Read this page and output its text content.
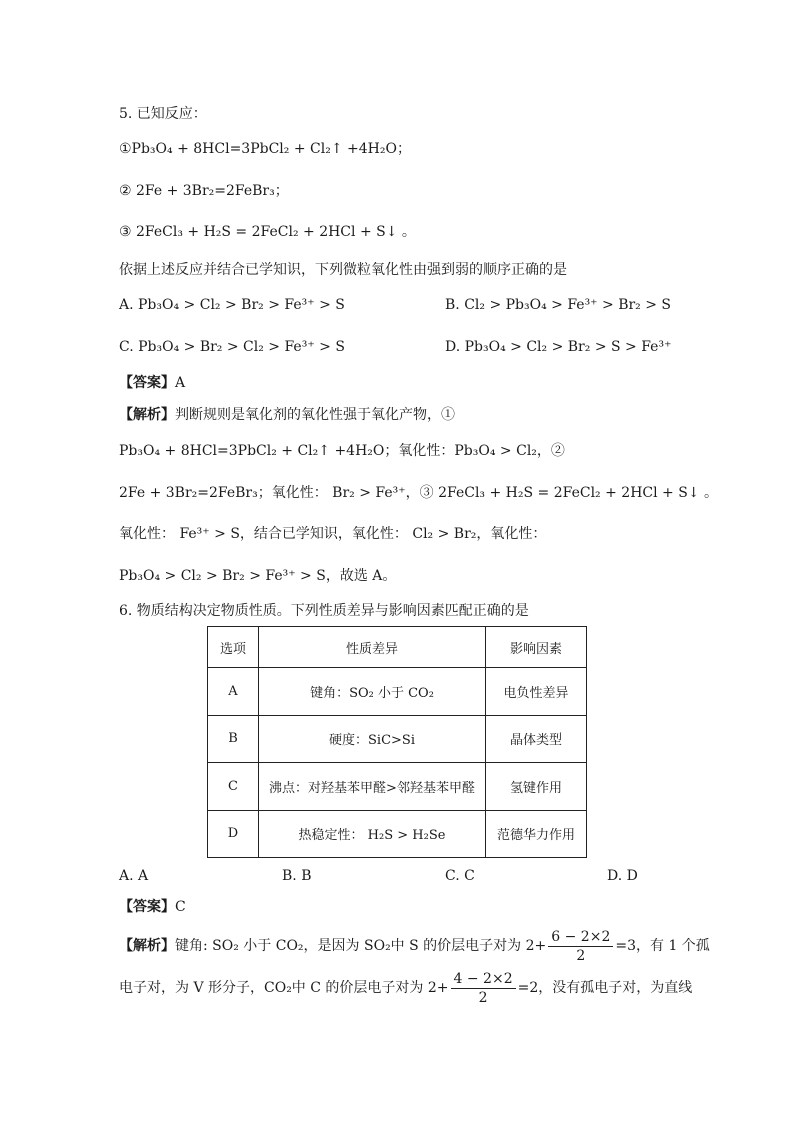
5. 已知反应：
①Pb₃O₄ + 8HCl=3PbCl₂ + Cl₂↑ +4H₂O；
② 2Fe + 3Br₂=2FeBr₃；
③ 2FeCl₃ + H₂S = 2FeCl₂ + 2HCl + S↓ 。
依据上述反应并结合已学知识，下列微粒氧化性由强到弱的顺序正确的是
A. Pb₃O₄ > Cl₂ > Br₂ > Fe³⁺ > S	B. Cl₂ > Pb₃O₄ > Fe³⁺ > Br₂ > S
C. Pb₃O₄ > Br₂ > Cl₂ > Fe³⁺ > S	D. Pb₃O₄ > Cl₂ > Br₂ > S > Fe³⁺
【答案】A
【解析】判断规则是氧化剂的氧化性强于氧化产物，①
Pb₃O₄ + 8HCl=3PbCl₂ + Cl₂↑ +4H₂O；氧化性：Pb₃O₄ > Cl₂，②
2Fe + 3Br₂=2FeBr₃；氧化性： Br₂ > Fe³⁺，③ 2FeCl₃ + H₂S = 2FeCl₂ + 2HCl + S↓ 。
氧化性： Fe³⁺ > S，结合已学知识，氧化性： Cl₂ > Br₂，氧化性：
Pb₃O₄ > Cl₂ > Br₂ > Fe³⁺ > S，故选 A。
6. 物质结构决定物质性质。下列性质差异与影响因素匹配正确的是
选项	性质差异	影响因素
A	键角：SO₂ 小于 CO₂	电负性差异
B	硬度：SiC>Si	晶体类型
C	沸点：对羟基苯甲醛>邻羟基苯甲醛	氢键作用
D	热稳定性： H₂S > H₂Se	范德华力作用
A. A	B. B	C. C	D. D
【答案】C
【解析】键角: SO₂ 小于 CO₂，是因为 SO₂中 S 的价层电子对为 $2+ \frac{6 - 2\times 2}{2} =3$，有 1 个孤
电子对，为 V 形分子，CO₂中 C 的价层电子对为 $2+ \frac{4 - 2\times 2}{2} =2$，没有孤电子对，为直线
